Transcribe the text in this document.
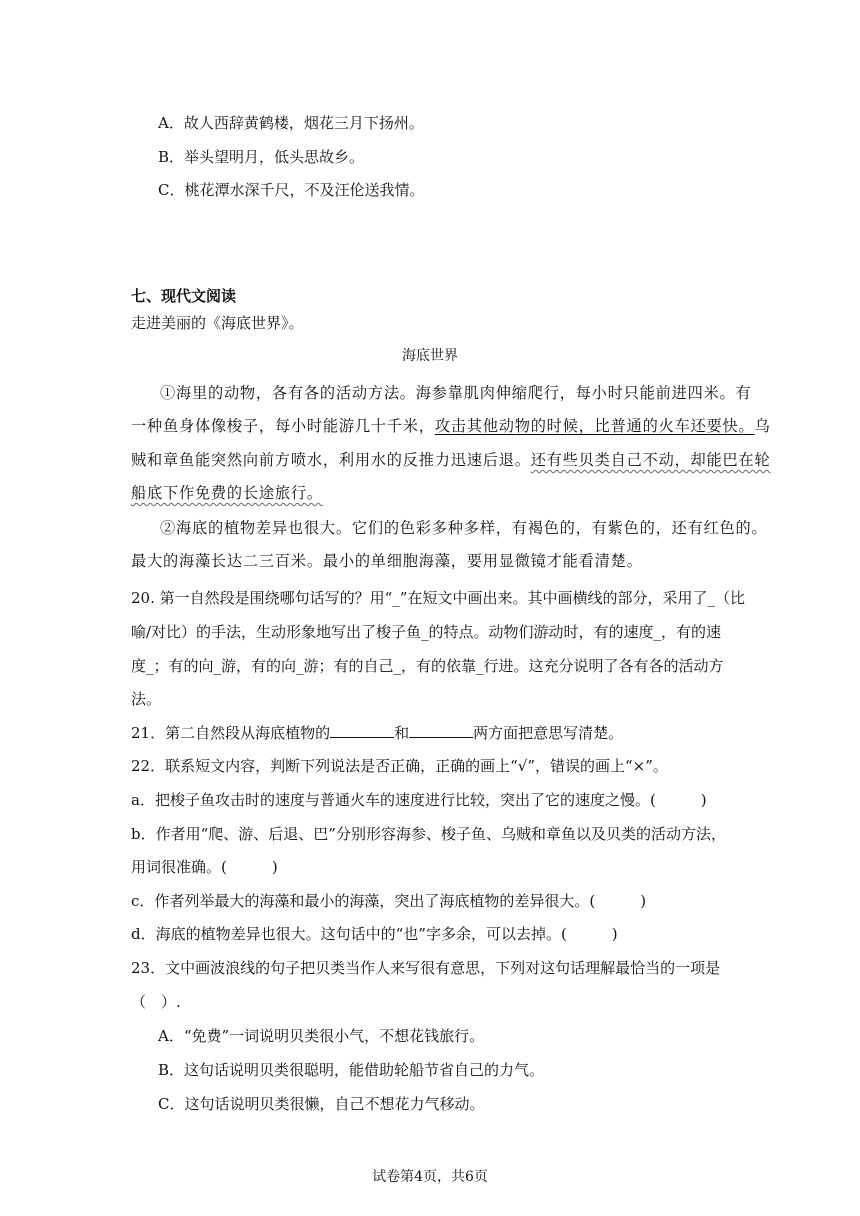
A．故人西辞黄鹤楼，烟花三月下扬州。
B．举头望明月，低头思故乡。
C．桃花潭水深千尺，不及汪伦送我情。
七、现代文阅读
走进美丽的《海底世界》。
海底世界
①海里的动物，各有各的活动方法。海参靠肌肉伸缩爬行，每小时只能前进四米。有
一种鱼身体像梭子，每小时能游几十千米，攻击其他动物的时候，比普通的火车还要快。乌
贼和章鱼能突然向前方喷水，利用水的反推力迅速后退。还有些贝类自己不动，却能巴在轮
船底下作免费的长途旅行。
②海底的植物差异也很大。它们的色彩多种多样，有褐色的，有紫色的，还有红色的。
最大的海藻长达二三百米。最小的单细胞海藻，要用显微镜才能看清楚。
20. 第一自然段是围绕哪句话写的？用“_”在短文中画出来。其中画横线的部分，采用了_（比
喻/对比）的手法，生动形象地写出了梭子鱼_的特点。动物们游动时，有的速度_，有的速
度_；有的向_游，有的向_游；有的自己_，有的依靠_行进。这充分说明了各有各的活动方
法。
21．第二自然段从海底植物的	和	两方面把意思写清楚。
22．联系短文内容，判断下列说法是否正确，正确的画上“√”，错误的画上“×”。
a．把梭子鱼攻击时的速度与普通火车的速度进行比较，突出了它的速度之慢。(　　　)
b．作者用“爬、游、后退、巴”分别形容海参、梭子鱼、乌贼和章鱼以及贝类的活动方法，
用词很准确。(　　　)
c．作者列举最大的海藻和最小的海藻，突出了海底植物的差异很大。(　　　)
d．海底的植物差异也很大。这句话中的“也”字多余，可以去掉。(　　　)
23．文中画波浪线的句子把贝类当作人来写很有意思，下列对这句话理解最恰当的一项是
（　）.
A．“免费”一词说明贝类很小气，不想花钱旅行。
B．这句话说明贝类很聪明，能借助轮船节省自己的力气。
C．这句话说明贝类很懒，自己不想花力气移动。
试卷第4页，共6页
